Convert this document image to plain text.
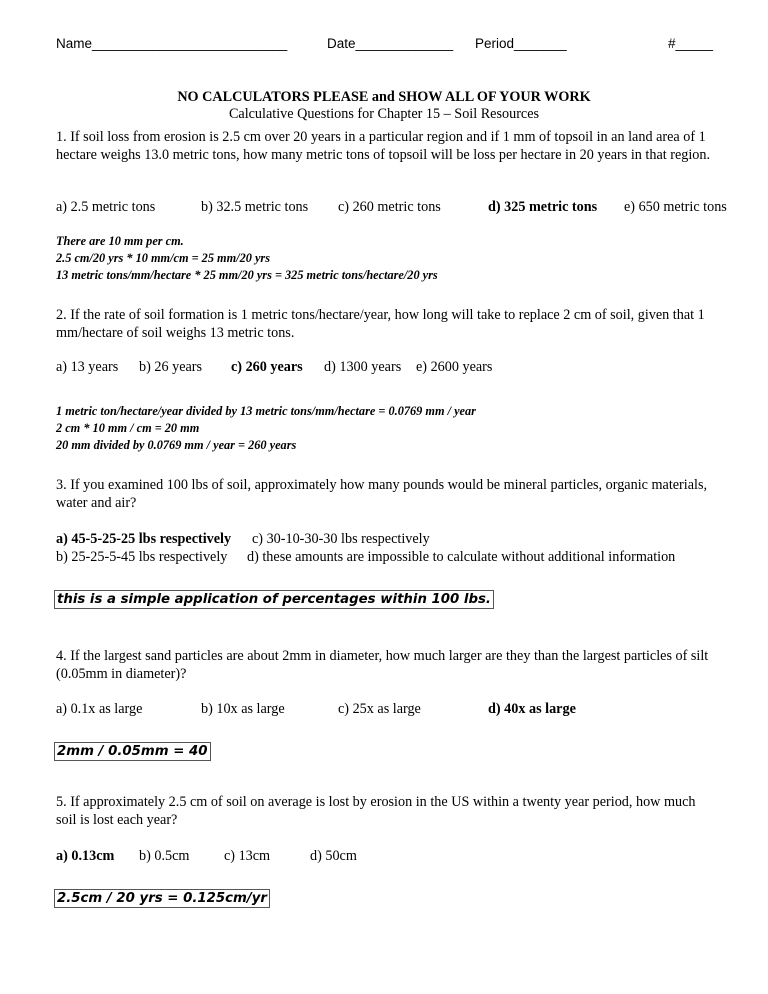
Name__________________________	Date_____________ Period_______	#_____
NO CALCULATORS PLEASE and SHOW ALL OF YOUR WORK
Calculative Questions for Chapter 15 – Soil Resources
1. If soil loss from erosion is 2.5 cm over 20 years in a particular region and if 1 mm of topsoil in an land area of 1 hectare weighs 13.0 metric tons, how many metric tons of topsoil will be loss per hectare in 20 years in that region.
a) 2.5 metric tons	b) 32.5 metric tons c) 260 metric tons	d) 325 metric tons e) 650 metric tons
There are 10 mm per cm.
2.5 cm/20 yrs * 10 mm/cm = 25 mm/20 yrs
13 metric tons/mm/hectare * 25 mm/20 yrs = 325 metric tons/hectare/20 yrs
2. If the rate of soil formation is 1 metric tons/hectare/year, how long will take to replace 2 cm of soil, given that 1 mm/hectare of soil weighs 13 metric tons.
a) 13 years b) 26 years c) 260 years d) 1300 years e) 2600 years
1 metric ton/hectare/year divided by 13 metric tons/mm/hectare = 0.0769 mm / year
2 cm * 10 mm / cm = 20 mm
20 mm divided by 0.0769 mm / year = 260 years
3. If you examined 100 lbs of soil, approximately how many pounds would be mineral particles, organic materials, water and air?
a) 45-5-25-25 lbs respectively c) 30-10-30-30 lbs respectively
b) 25-25-5-45 lbs respectively d) these amounts are impossible to calculate without additional information
this is a simple application of percentages within 100 lbs.
4. If the largest sand particles are about 2mm in diameter, how much larger are they than the largest particles of silt (0.05mm in diameter)?
a) 0.1x as large	b) 10x as large	c) 25x as large	d) 40x as large
2mm / 0.05mm = 40
5. If approximately 2.5 cm of soil on average is lost by erosion in the US within a twenty year period, how much soil is lost each year?
a) 0.13cm b) 0.5cm c) 13cm	d) 50cm
2.5cm / 20 yrs = 0.125cm/yr
